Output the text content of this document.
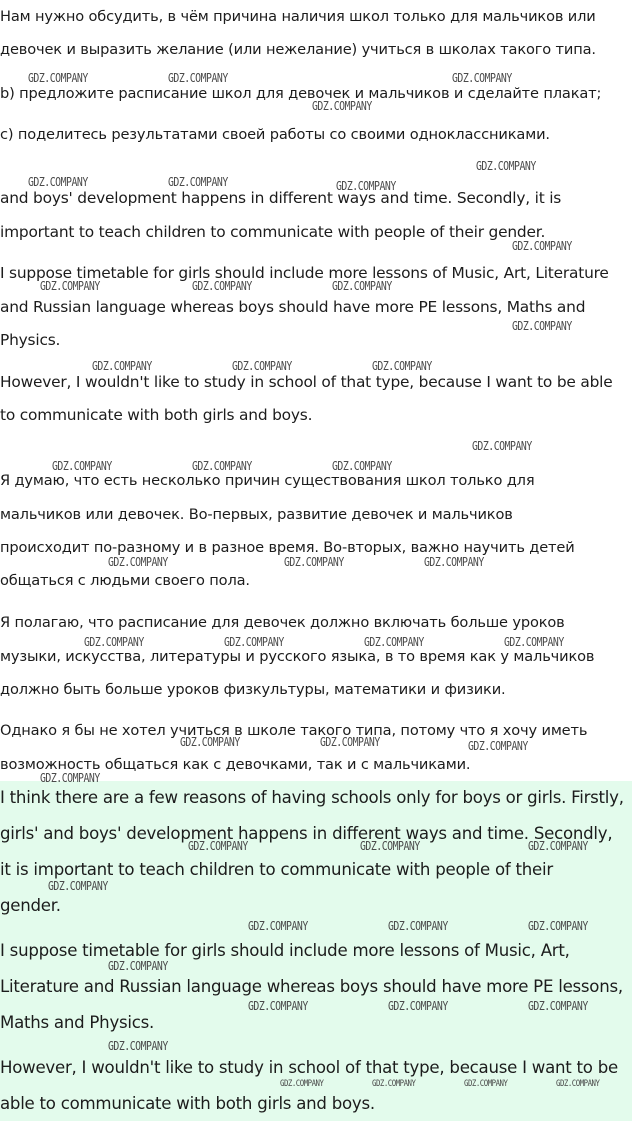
Нам нужно обсудить, в чём причина наличия школ только для мальчиков или

девочек и выразить желание (или нежелание) учиться в школах такого типа.

b) предложите расписание школ для девочек и мальчиков и сделайте плакат;

c) поделитесь результатами своей работы со своими одноклассниками.

and boys' development happens in different ways and time. Secondly, it is

important to teach children to communicate with people of their gender.

I suppose timetable for girls should include more lessons of Music, Art, Literature

and Russian language whereas boys should have more PE lessons, Maths and

Physics.

However, I wouldn't like to study in school of that type, because I want to be able

to communicate with both girls and boys.

Я думаю, что есть несколько причин существования школ только для

мальчиков или девочек. Во-первых, развитие девочек и мальчиков

происходит по-разному и в разное время. Во-вторых, важно научить детей

общаться с людьми своего пола.

Я полагаю, что расписание для девочек должно включать больше уроков

музыки, искусства, литературы и русского языка, в то время как у мальчиков

должно быть больше уроков физкультуры, математики и физики.

Однако я бы не хотел учиться в школе такого типа, потому что я хочу иметь

возможность общаться как с девочками, так и с мальчиками.

I think there are a few reasons of having schools only for boys or girls. Firstly,

girls' and boys' development happens in different ways and time. Secondly,

it is important to teach children to communicate with people of their

gender.

I suppose timetable for girls should include more lessons of Music, Art,

Literature and Russian language whereas boys should have more PE lessons,

Maths and Physics.

However, I wouldn't like to study in school of that type, because I want to be

able to communicate with both girls and boys.

GDZ.COMPANY	GDZ.COMPANY	GDZ.COMPANY
GDZ.COMPANY
GDZ.COMPANY
GDZ.COMPANY	GDZ.COMPANY	GDZ.COMPANY
GDZ.COMPANY
GDZ.COMPANY	GDZ.COMPANY	GDZ.COMPANY
GDZ.COMPANY
GDZ.COMPANY	GDZ.COMPANY	GDZ.COMPANY
GDZ.COMPANY
GDZ.COMPANY	GDZ.COMPANY	GDZ.COMPANY
GDZ.COMPANY	GDZ.COMPANY	GDZ.COMPANY
GDZ.COMPANY	GDZ.COMPANY	GDZ.COMPANY	GDZ.COMPANY
GDZ.COMPANY	GDZ.COMPANY	GDZ.COMPANY
GDZ.COMPANY
GDZ.COMPANY	GDZ.COMPANY	GDZ.COMPANY
GDZ.COMPANY
GDZ.COMPANY	GDZ.COMPANY	GDZ.COMPANY
GDZ.COMPANY
GDZ.COMPANY	GDZ.COMPANY	GDZ.COMPANY
GDZ.COMPANY
GDZ.COMPANY	GDZ.COMPANY	GDZ.COMPANY	GDZ.COMPANY
